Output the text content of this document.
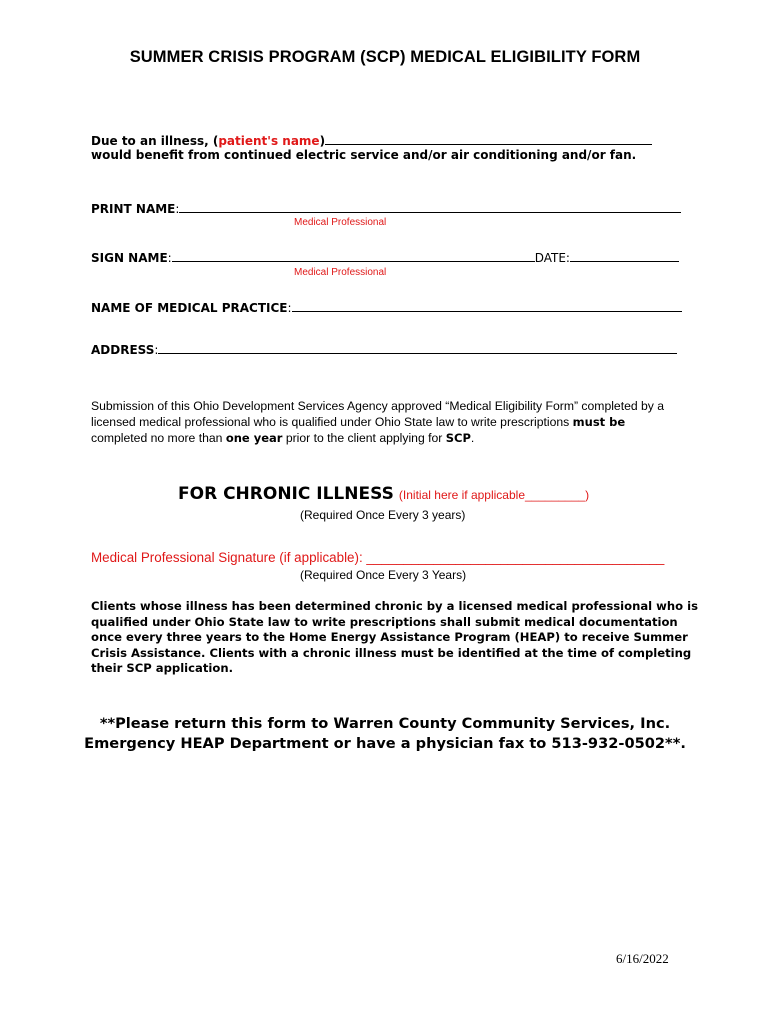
SUMMER CRISIS PROGRAM (SCP) MEDICAL ELIGIBILITY FORM
Due to an illness, (patient's name)
would benefit from continued electric service and/or air conditioning and/or fan.
PRINT NAME:
Medical Professional
SIGN NAME:	DATE:
Medical Professional
NAME OF MEDICAL PRACTICE:
ADDRESS:
Submission of this Ohio Development Services Agency approved “Medical Eligibility Form” completed by a
licensed medical professional who is qualified under Ohio State law to write prescriptions must be
completed no more than one year prior to the client applying for SCP.
FOR CHRONIC ILLNESS (Initial here if applicable_________)
(Required Once Every 3 years)
Medical Professional Signature (if applicable): ________________________________________
(Required Once Every 3 Years)
Clients whose illness has been determined chronic by a licensed medical professional who is
qualified under Ohio State law to write prescriptions shall submit medical documentation
once every three years to the Home Energy Assistance Program (HEAP) to receive Summer
Crisis Assistance. Clients with a chronic illness must be identified at the time of completing
their SCP application.
**Please return this form to Warren County Community Services, Inc.
Emergency HEAP Department or have a physician fax to 513-932-0502**.
6/16/2022
